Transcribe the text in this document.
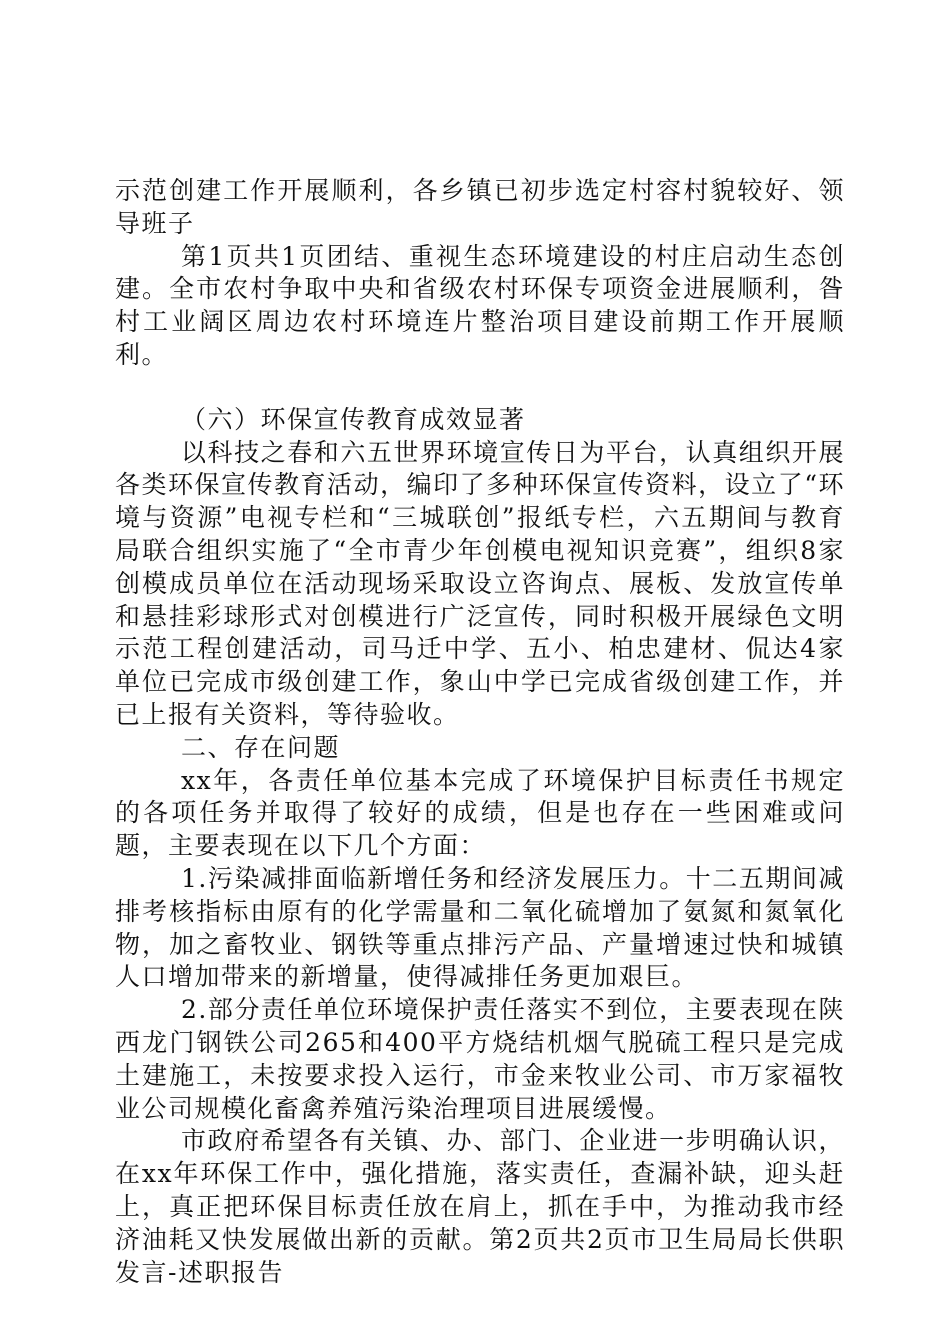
示范创建工作开展顺利，各乡镇已初步选定村容村貌较好、领导班子

第1页共1页团结、重视生态环境建设的村庄启动生态创建。全市农村争取中央和省级农村环保专项资金进展顺利，昝村工业阔区周边农村环境连片整治项目建设前期工作开展顺利。

（六）环保宣传教育成效显著

以科技之春和六五世界环境宣传日为平台，认真组织开展各类环保宣传教育活动，编印了多种环保宣传资料，设立了“环境与资源”电视专栏和“三城联创”报纸专栏，六五期间与教育局联合组织实施了“全市青少年创模电视知识竞赛”，组织8家创模成员单位在活动现场采取设立咨询点、展板、发放宣传单和悬挂彩球形式对创模进行广泛宣传，同时积极开展绿色文明示范工程创建活动，司马迁中学、五小、柏忠建材、侃达4家单位已完成市级创建工作，象山中学已完成省级创建工作，并已上报有关资料，等待验收。

二、存在问题

xx年，各责任单位基本完成了环境保护目标责任书规定的各项任务并取得了较好的成绩，但是也存在一些困难或问题，主要表现在以下几个方面：

1.污染减排面临新增任务和经济发展压力。十二五期间减排考核指标由原有的化学需量和二氧化硫增加了氨氮和氮氧化物，加之畜牧业、钢铁等重点排污产品、产量增速过快和城镇人口增加带来的新增量，使得减排任务更加艰巨。

2.部分责任单位环境保护责任落实不到位，主要表现在陕西龙门钢铁公司265和400平方烧结机烟气脱硫工程只是完成土建施工，未按要求投入运行，市金来牧业公司、市万家福牧业公司规模化畜禽养殖污染治理项目进展缓慢。

市政府希望各有关镇、办、部门、企业进一步明确认识，在xx年环保工作中，强化措施，落实责任，查漏补缺，迎头赶上，真正把环保目标责任放在肩上，抓在手中，为推动我市经济油耗又快发展做出新的贡献。第2页共2页市卫生局局长供职发言-述职报告
